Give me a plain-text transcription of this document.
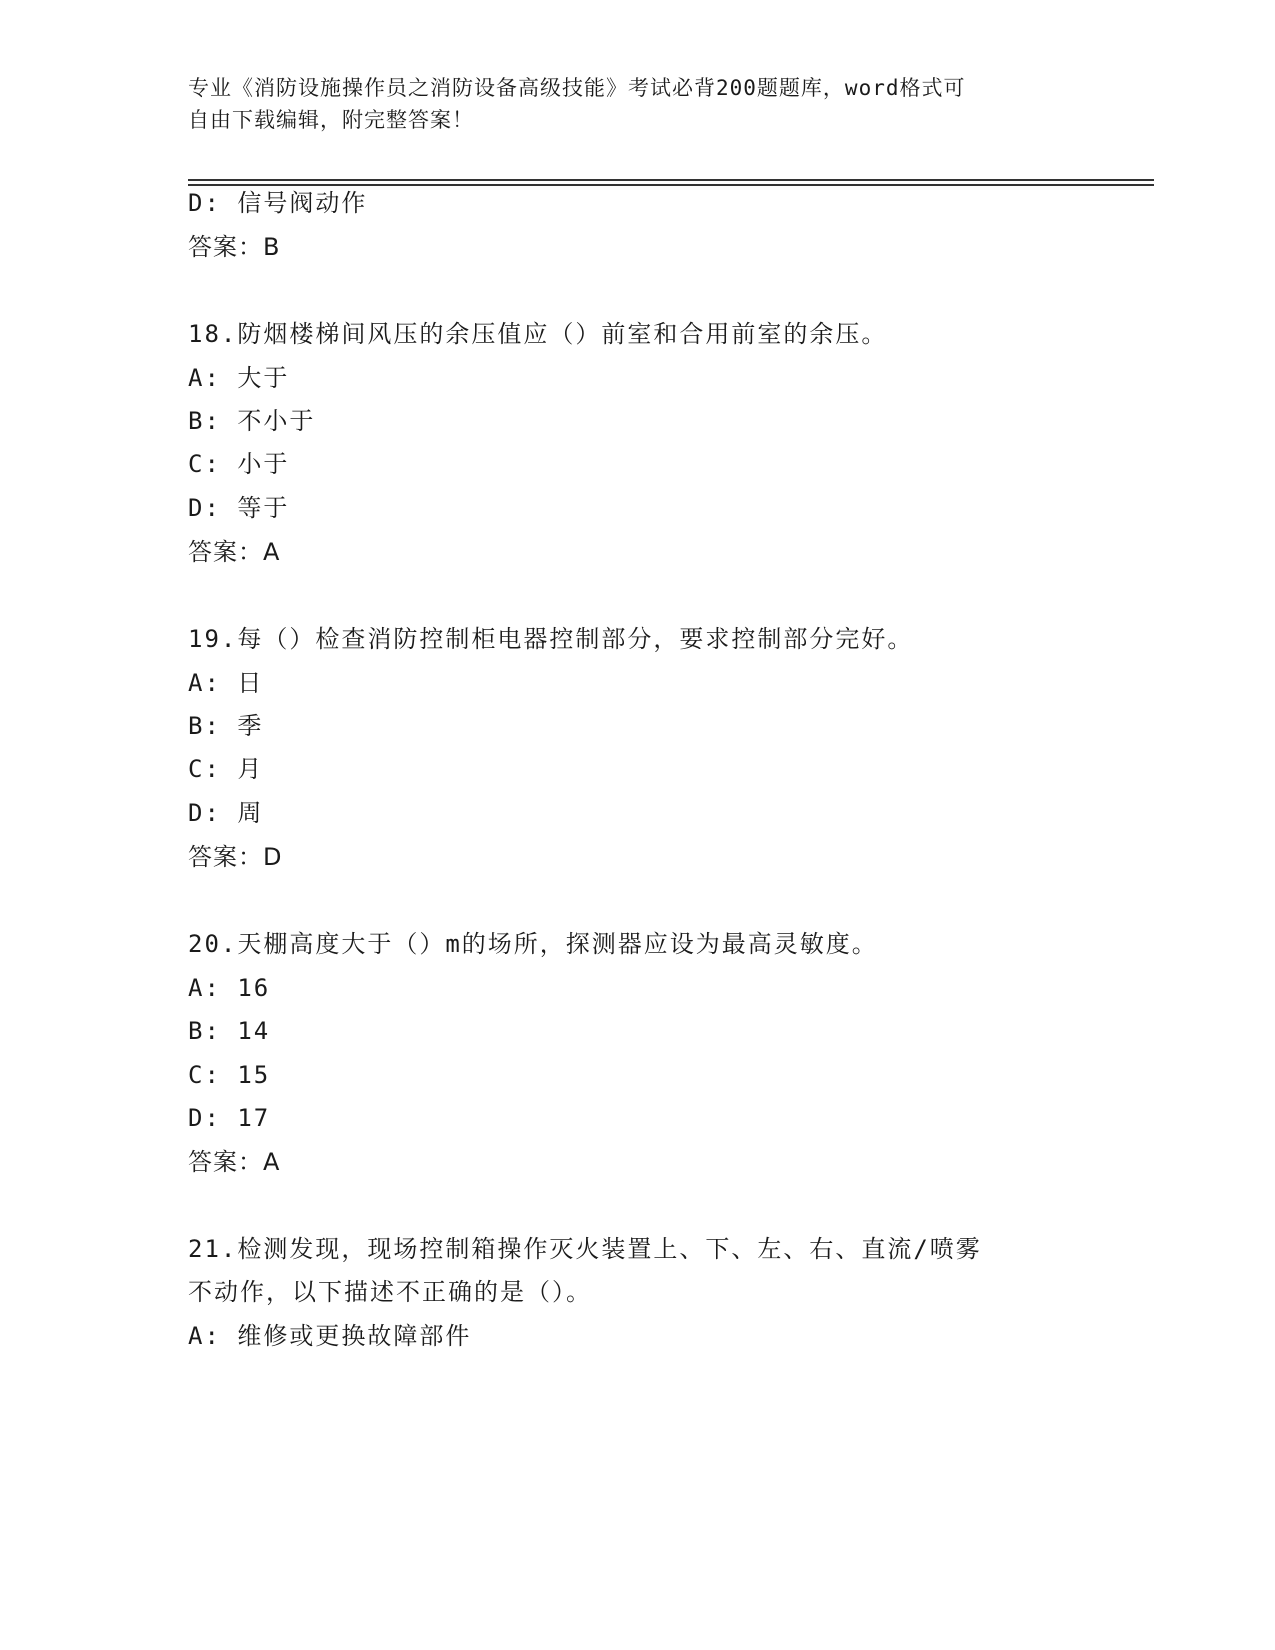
专业《消防设施操作员之消防设备高级技能》考试必背200题题库，word格式可
自由下载编辑，附完整答案！
D: 信号阀动作
答案：B
18.防烟楼梯间风压的余压值应（）前室和合用前室的余压。
A: 大于
B: 不小于
C: 小于
D: 等于
答案：A
19.每（）检查消防控制柜电器控制部分，要求控制部分完好。
A: 日
B: 季
C: 月
D: 周
答案：D
20.天棚高度大于（）m的场所，探测器应设为最高灵敏度。
A: 16
B: 14
C: 15
D: 17
答案：A
21.检测发现，现场控制箱操作灭火装置上、下、左、右、直流/喷雾
不动作，以下描述不正确的是（）。
A: 维修或更换故障部件
